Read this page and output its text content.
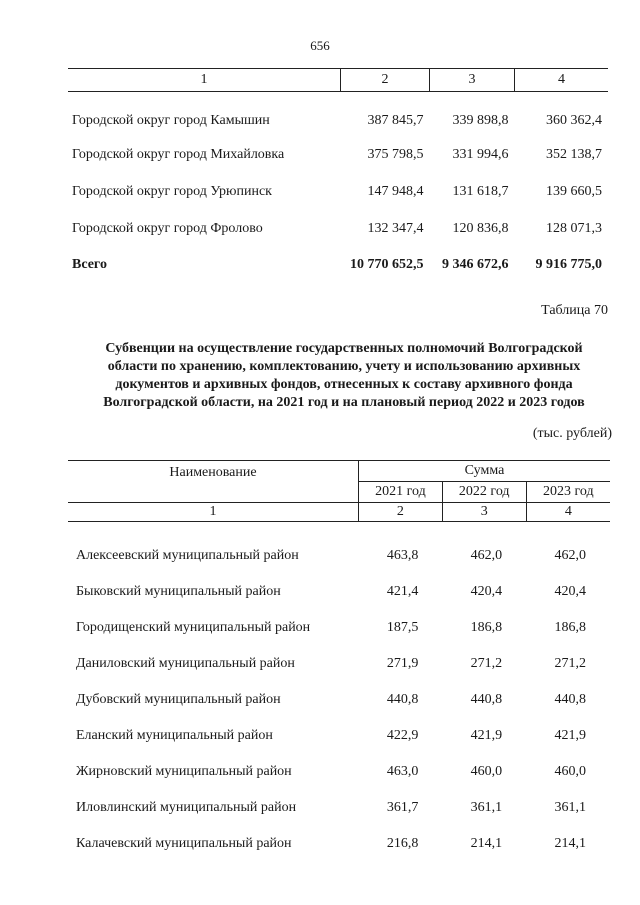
656
1	2	3	4
Городской округ город Камышин	387 845,7	339 898,8	360 362,4
Городской округ город Михайловка	375 798,5	331 994,6	352 138,7
Городской округ город Урюпинск	147 948,4	131 618,7	139 660,5
Городской округ город Фролово	132 347,4	120 836,8	128 071,3
Всего	10 770 652,5	9 346 672,6	9 916 775,0
Таблица 70
Субвенции на осуществление государственных полномочий Волгоградской
области по хранению, комплектованию, учету и использованию архивных
документов и архивных фондов, отнесенных к составу архивного фонда
Волгоградской области, на 2021 год и на плановый период 2022 и 2023 годов
(тыс. рублей)
Наименование	Сумма		
	2021 год	2022 год	2023 год
1	2	3	4
Алексеевский муниципальный район	463,8	462,0	462,0
Быковский муниципальный район	421,4	420,4	420,4
Городищенский муниципальный район	187,5	186,8	186,8
Даниловский муниципальный район	271,9	271,2	271,2
Дубовский муниципальный район	440,8	440,8	440,8
Еланский муниципальный район	422,9	421,9	421,9
Жирновский муниципальный район	463,0	460,0	460,0
Иловлинский муниципальный район	361,7	361,1	361,1
Калачевский муниципальный район	216,8	214,1	214,1
